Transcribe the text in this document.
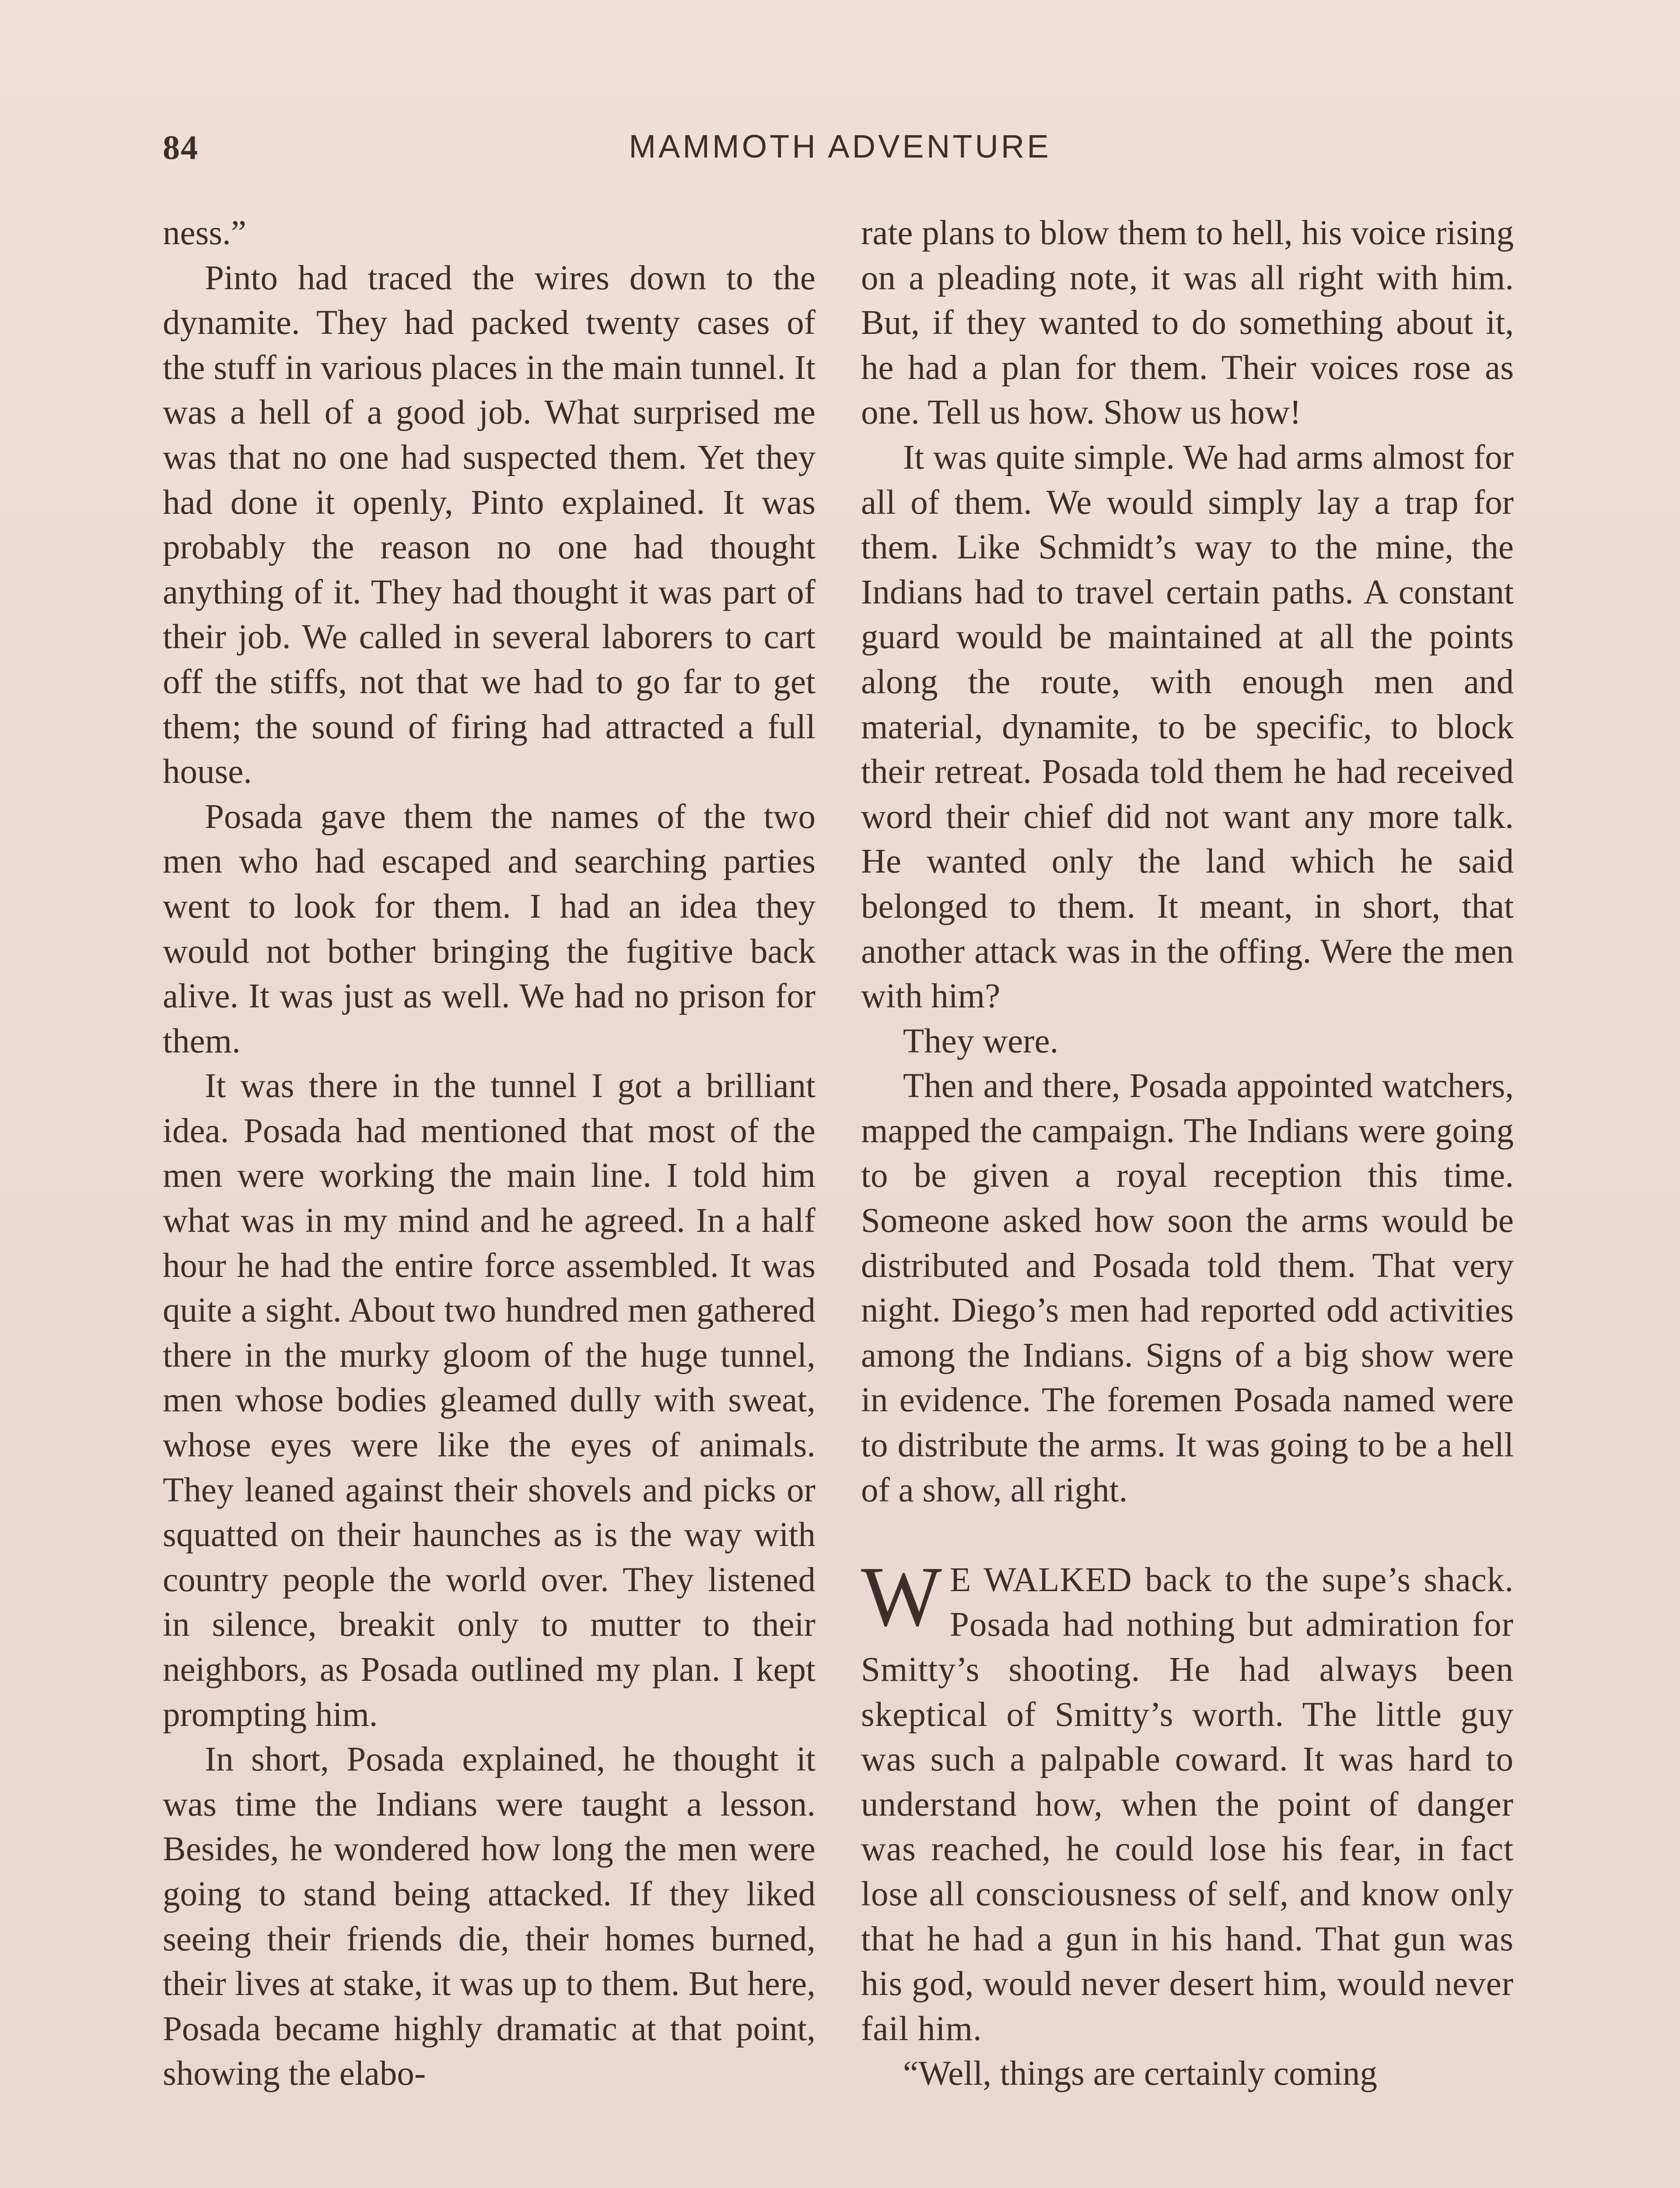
84	MAMMOTH ADVENTURE

ness.”

Pinto had traced the wires down to the dynamite. They had packed twenty cases of the stuff in various places in the main tunnel. It was a hell of a good job. What surprised me was that no one had suspected them. Yet they had done it openly, Pinto explained. It was probably the reason no one had thought anything of it. They had thought it was part of their job. We called in several laborers to cart off the stiffs, not that we had to go far to get them; the sound of firing had attracted a full house.

Posada gave them the names of the two men who had escaped and searching parties went to look for them. I had an idea they would not bother bringing the fugitive back alive. It was just as well. We had no prison for them.

It was there in the tunnel I got a brilliant idea. Posada had mentioned that most of the men were working the main line. I told him what was in my mind and he agreed. In a half hour he had the entire force assembled. It was quite a sight. About two hundred men gathered there in the murky gloom of the huge tunnel, men whose bodies gleamed dully with sweat, whose eyes were like the eyes of animals. They leaned against their shovels and picks or squatted on their haunches as is the way with country people the world over. They listened in silence, breakit only to mutter to their neighbors, as Posada outlined my plan. I kept prompting him.

In short, Posada explained, he thought it was time the Indians were taught a lesson. Besides, he wondered how long the men were going to stand being attacked. If they liked seeing their friends die, their homes burned, their lives at stake, it was up to them. But here, Posada became highly dramatic at that point, showing the elabo-

rate plans to blow them to hell, his voice rising on a pleading note, it was all right with him. But, if they wanted to do something about it, he had a plan for them. Their voices rose as one. Tell us how. Show us how!

It was quite simple. We had arms almost for all of them. We would simply lay a trap for them. Like Schmidt’s way to the mine, the Indians had to travel certain paths. A constant guard would be maintained at all the points along the route, with enough men and material, dynamite, to be specific, to block their retreat. Posada told them he had received word their chief did not want any more talk. He wanted only the land which he said belonged to them. It meant, in short, that another attack was in the offing. Were the men with him?

They were.

Then and there, Posada appointed watchers, mapped the campaign. The Indians were going to be given a royal reception this time. Someone asked how soon the arms would be distributed and Posada told them. That very night. Diego’s men had reported odd activities among the Indians. Signs of a big show were in evidence. The foremen Posada named were to distribute the arms. It was going to be a hell of a show, all right.

W E WALKED back to the supe’s shack. Posada had nothing but admiration for Smitty’s shooting. He had always been skeptical of Smitty’s worth. The little guy was such a palpable coward. It was hard to understand how, when the point of danger was reached, he could lose his fear, in fact lose all consciousness of self, and know only that he had a gun in his hand. That gun was his god, would never desert him, would never fail him.

“Well, things are certainly coming
